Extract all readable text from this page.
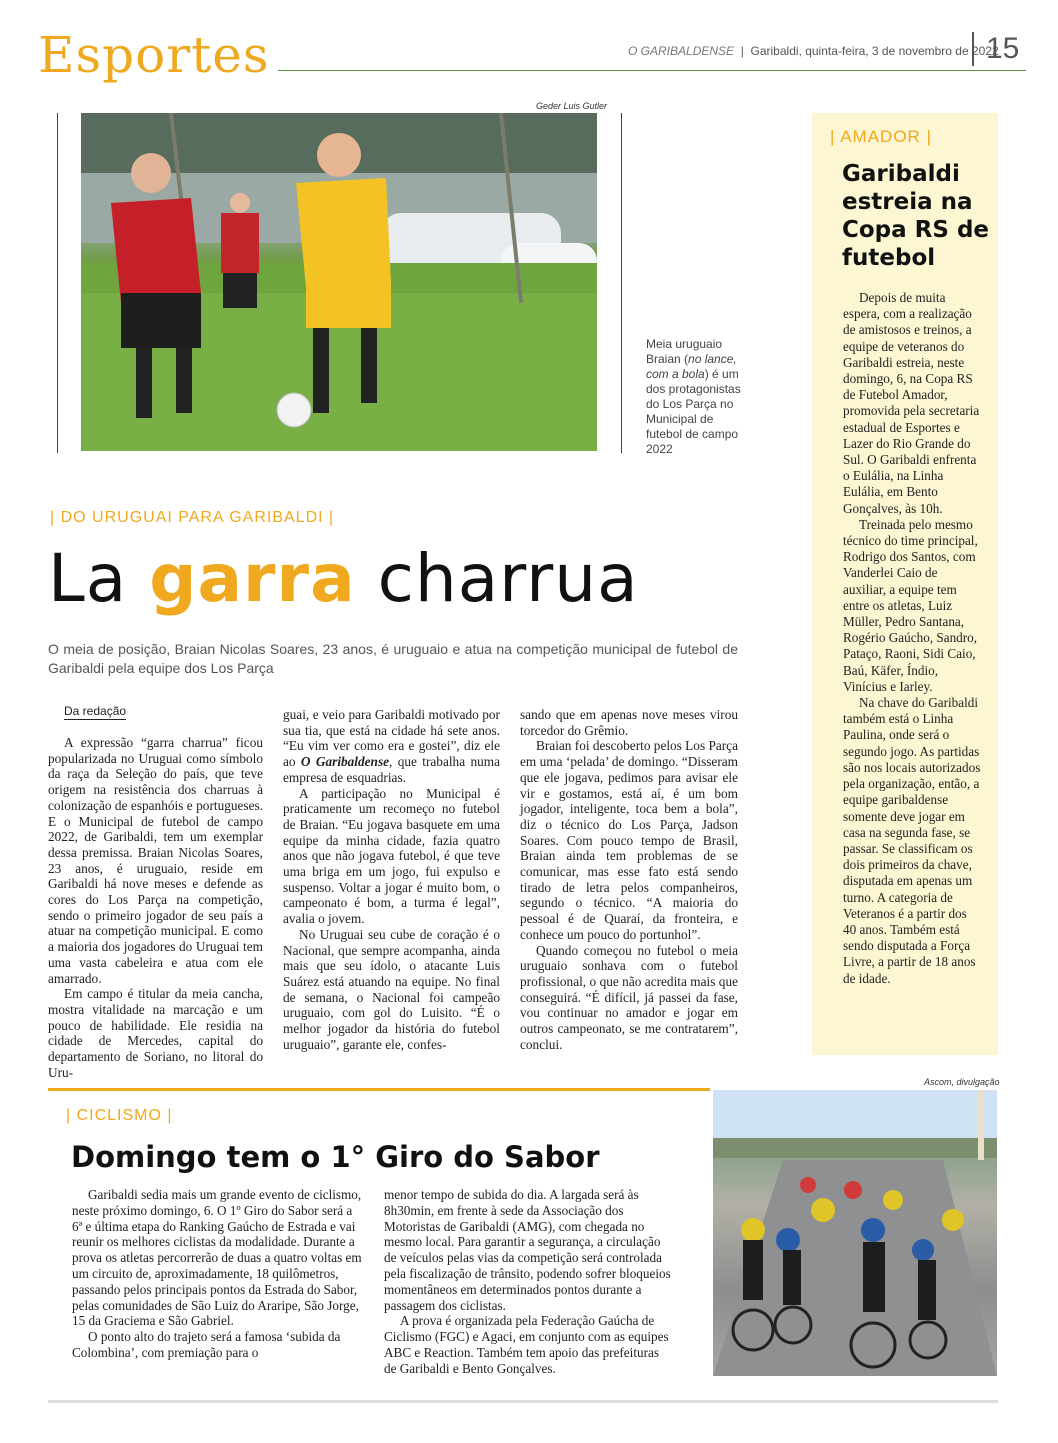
Esportes	O GARIBALDENSE  |  Garibaldi, quinta-feira, 3 de novembro de 2022
15
Geder Luis Gutler
Meia uruguaio Braian (no lance, com a bola) é um dos protagonistas do Los Parça no Municipal de futebol de campo 2022
| AMADOR |
Garibaldi estreia na Copa RS de futebol

Depois de muita espera, com a realização de amistosos e treinos, a equipe de veteranos do Garibaldi estreia, neste domingo, 6, na Copa RS de Futebol Amador, promovida pela secretaria estadual de Esportes e Lazer do Rio Grande do Sul. O Garibaldi enfrenta o Eulália, na Linha Eulália, em Bento Gonçalves, às 10h.

Treinada pelo mesmo técnico do time principal, Rodrigo dos Santos, com Vanderlei Caio de auxiliar, a equipe tem entre os atletas, Luiz Müller, Pedro Santana, Rogério Gaúcho, Sandro, Pataço, Raoni, Sidi Caio, Baú, Käfer, Índio, Vinícius e Iarley.

Na chave do Garibaldi também está o Linha Paulina, onde será o segundo jogo. As partidas são nos locais autorizados pela organização, então, a equipe garibaldense somente deve jogar em casa na segunda fase, se passar. Se classificam os dois primeiros da chave, disputada em apenas um turno. A categoria de Veteranos é a partir dos 40 anos. Também está sendo disputada a Força Livre, a partir de 18 anos de idade.

| DO URUGUAI PARA GARIBALDI |
La garra charrua
O meia de posição, Braian Nicolas Soares, 23 anos, é uruguaio e atua na competição municipal de futebol de Garibaldi pela equipe dos Los Parça
Da redação

A expressão “garra charrua” ficou popularizada no Uruguai como símbolo da raça da Seleção do país, que teve origem na resistência dos charruas à colonização de espanhóis e portugueses. E o Municipal de futebol de campo 2022, de Garibaldi, tem um exemplar dessa premissa. Braian Nicolas Soares, 23 anos, é uruguaio, reside em Garibaldi há nove meses e defende as cores do Los Parça na competição, sendo o primeiro jogador de seu país a atuar na competição municipal. E como a maioria dos jogadores do Uruguai tem uma vasta cabeleira e atua com ele amarrado.

Em campo é titular da meia cancha, mostra vitalidade na marcação e um pouco de habilidade. Ele residia na cidade de Mercedes, capital do departamento de Soriano, no litoral do Uru-

guai, e veio para Garibaldi motivado por sua tia, que está na cidade há sete anos. “Eu vim ver como era e gostei”, diz ele ao O Garibaldense, que trabalha numa empresa de esquadrias.

A participação no Municipal é praticamente um recomeço no futebol de Braian. “Eu jogava basquete em uma equipe da minha cidade, fazia quatro anos que não jogava futebol, é que teve uma briga em um jogo, fui expulso e suspenso. Voltar a jogar é muito bom, o campeonato é bom, a turma é legal”, avalia o jovem.

No Uruguai seu cube de coração é o Nacional, que sempre acompanha, ainda mais que seu ídolo, o atacante Luis Suárez está atuando na equipe. No final de semana, o Nacional foi campeão uruguaio, com gol do Luisito. “É o melhor jogador da história do futebol uruguaio”, garante ele, confes-

sando que em apenas nove meses virou torcedor do Grêmio.

Braian foi descoberto pelos Los Parça em uma ‘pelada’ de domingo. “Disseram que ele jogava, pedimos para avisar ele vir e gostamos, está aí, é um bom jogador, inteligente, toca bem a bola”, diz o técnico do Los Parça, Jadson Soares. Com pouco tempo de Brasil, Braian ainda tem problemas de se comunicar, mas esse fato está sendo tirado de letra pelos companheiros, segundo o técnico. “A maioria do pessoal é de Quaraí, da fronteira, e conhece um pouco do portunhol”.

Quando começou no futebol o meia uruguaio sonhava com o futebol profissional, o que não acredita mais que conseguirá. “É difícil, já passei da fase, vou continuar no amador e jogar em outros campeonato, se me contratarem”, conclui.

Ascom, divulgação
| CICLISMO |
Domingo tem o 1° Giro do Sabor

Garibaldi sedia mais um grande evento de ciclismo, neste próximo domingo, 6. O 1º Giro do Sabor será a 6ª e última etapa do Ranking Gaúcho de Estrada e vai reunir os melhores ciclistas da modalidade. Durante a prova os atletas percorrerão de duas a quatro voltas em um circuito de, aproximadamente, 18 quilômetros, passando pelos principais pontos da Estrada do Sabor, pelas comunidades de São Luiz do Araripe, São Jorge, 15 da Graciema e São Gabriel.

O ponto alto do trajeto será a famosa ‘subida da Colombina’, com premiação para o

menor tempo de subida do dia. A largada será às 8h30min, em frente à sede da Associação dos Motoristas de Garibaldi (AMG), com chegada no mesmo local. Para garantir a segurança, a circulação de veículos pelas vias da competição será controlada pela fiscalização de trânsito, podendo sofrer bloqueios momentâneos em determinados pontos durante a passagem dos ciclistas.

A prova é organizada pela Federação Gaúcha de Ciclismo (FGC) e Agaci, em conjunto com as equipes ABC e Reaction. Também tem apoio das prefeituras de Garibaldi e Bento Gonçalves.
